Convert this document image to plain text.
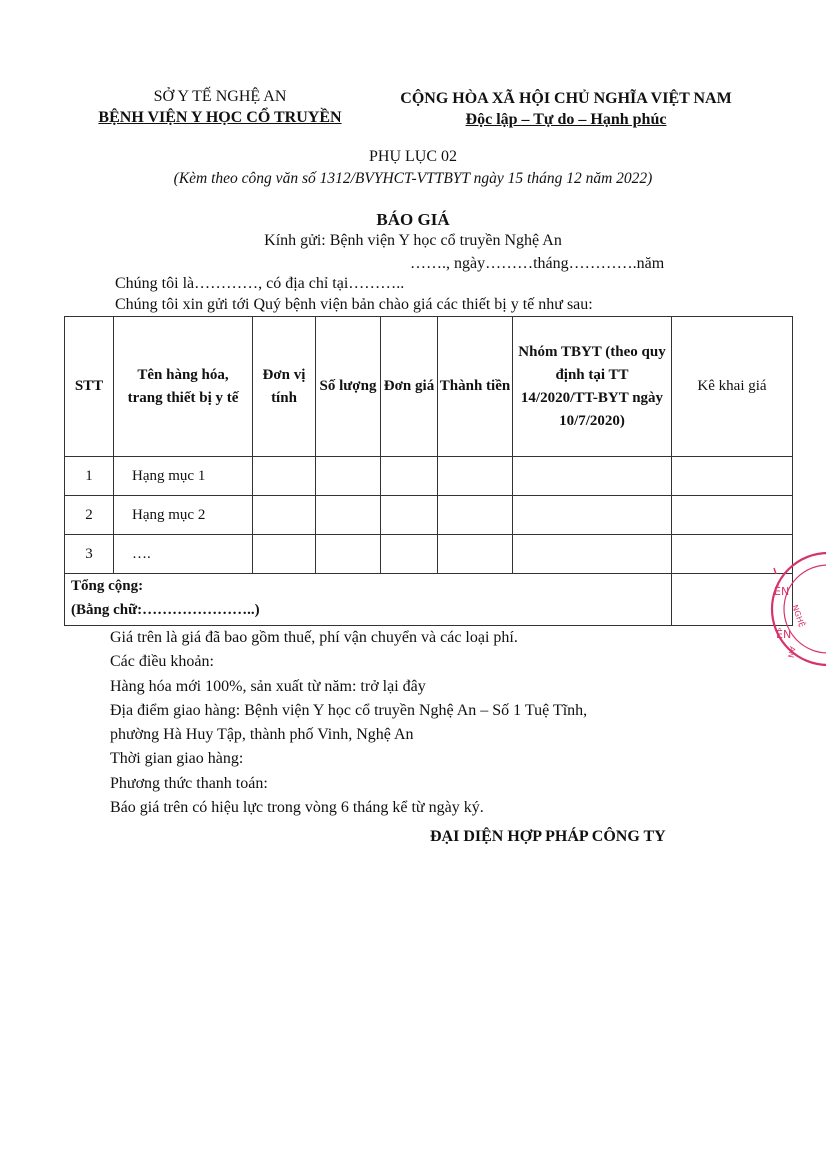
SỞ Y TẾ NGHỆ AN
BỆNH VIỆN Y HỌC CỔ TRUYỀN
CỘNG HÒA XÃ HỘI CHỦ NGHĨA VIỆT NAM
Độc lập – Tự do – Hạnh phúc
PHỤ LỤC 02
(Kèm theo công văn số 1312/BVYHCT-VTTBYT ngày 15 tháng 12 năm 2022)
BÁO GIÁ
Kính gửi: Bệnh viện Y học cổ truyền Nghệ An
……., ngày………tháng………….năm
Chúng tôi là…………, có địa chỉ tại………..
Chúng tôi xin gửi tới Quý bệnh viện bản chào giá các thiết bị y tế như sau:
STT	Tên hàng hóa, trang thiết bị y tế	Đơn vị tính	Số lượng	Đơn giá	Thành tiền	Nhóm TBYT (theo quy định tại TT 14/2020/TT-BYT ngày 10/7/2020)	Kê khai giá
1	Hạng mục 1						
2	Hạng mục 2						
3	….						

Tổng cộng:
(Bằng chữ:…………………..)							

Giá trên là giá đã bao gồm thuế, phí vận chuyển và các loại phí.
Các điều khoản:
Hàng hóa mới 100%, sản xuất từ năm: trở lại đây
Địa điểm giao hàng: Bệnh viện Y học cổ truyền Nghệ An – Số 1 Tuệ Tĩnh,
phường Hà Huy Tập, thành phố Vinh, Nghệ An
Thời gian giao hàng:
Phương thức thanh toán:
Báo giá trên có hiệu lực trong vòng 6 tháng kể từ ngày ký.
ĐẠI DIỆN HỢP PHÁP CÔNG TY
ÊN
ÊN
NGHỆ
AN
